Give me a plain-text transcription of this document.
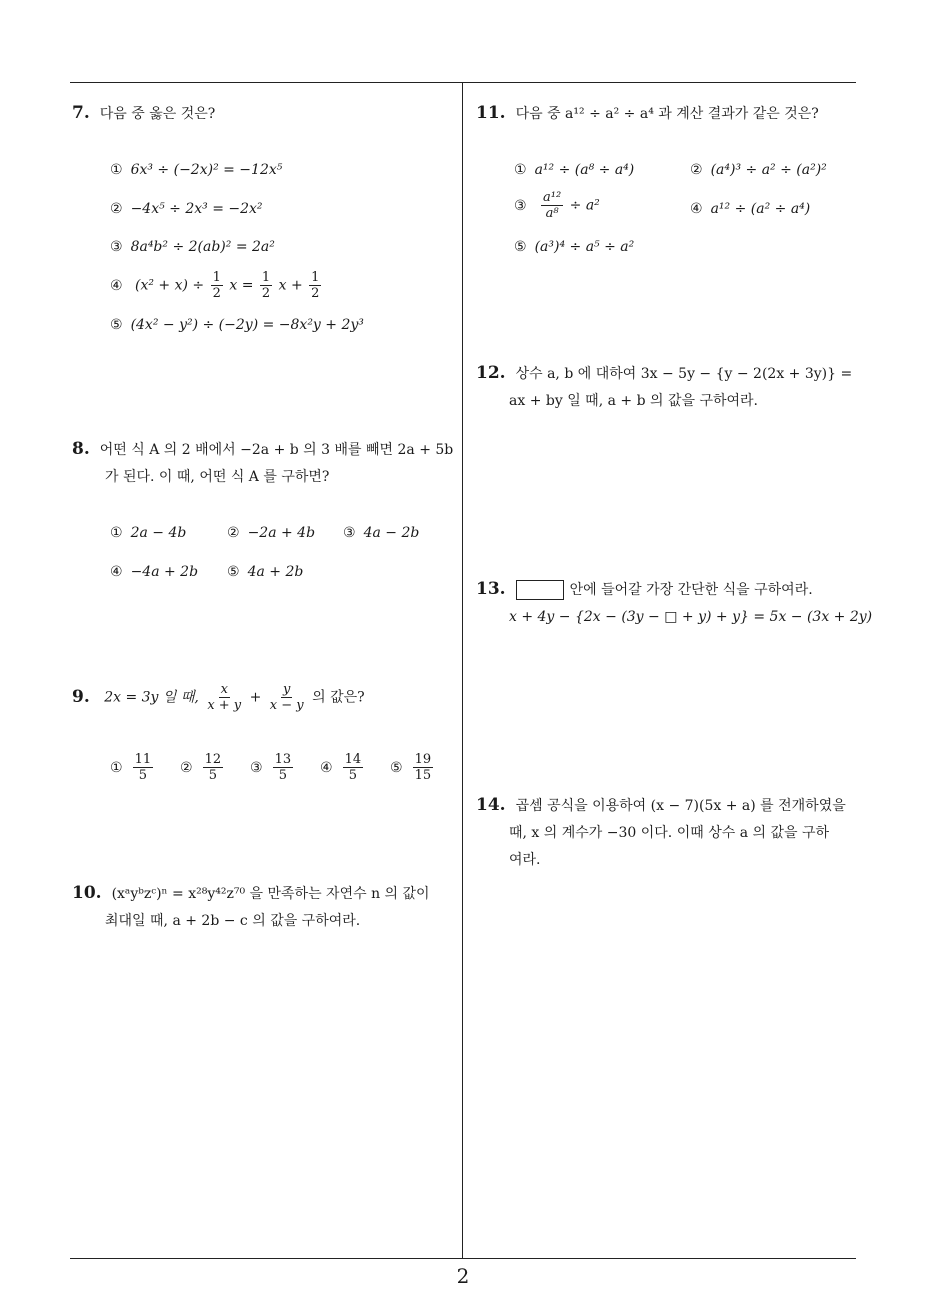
7. 다음 중 옳은 것은?
① 6x³ ÷ (−2x)² = −12x⁵
② −4x⁵ ÷ 2x³ = −2x²
③ 8a⁴b² ÷ 2(ab)² = 2a²
④ $(x^2 + x) \div \frac{1}{2}$ $x = \frac{1}{2}$ $x + \frac{1}{2}$
⑤ (4x² − y²) ÷ (−2y) = −8x²y + 2y³
8. 어떤 식 A 의 2 배에서 −2a + b 의 3 배를 빼면 2a + 5b
가 된다. 이 때, 어떤 식 A 를 구하면?
① 2a − 4b	② −2a + 4b ③ 4a − 2b
④ −4a + 2b ⑤ 4a + 2b
9. 2x = 3y 일 때, $\frac{x}{x + y} + \frac{y}{x - y}$ 의 값은?
① $\frac{11}{5}$ ② $\frac{12}{5}$ ③ $\frac{13}{5}$ ④ $\frac{14}{5}$ ⑤ $\frac{19}{15}$
10. (xᵃyᵇzᶜ)ⁿ = x²⁸y⁴²z⁷⁰ 을 만족하는 자연수 n 의 값이
최대일 때, a + 2b − c 의 값을 구하여라.
11. 다음 중 a¹² ÷ a² ÷ a⁴ 과 계산 결과가 같은 것은?
① a¹² ÷ (a⁸ ÷ a⁴)	② (a⁴)³ ÷ a² ÷ (a²)²
③ $\frac{\text{a¹²}}{\text{a⁸}} \div a^2$	④ a¹² ÷ (a² ÷ a⁴)
⑤ (a³)⁴ ÷ a⁵ ÷ a²
12. 상수 a, b 에 대하여 3x − 5y − {y − 2(2x + 3y)} =
ax + by 일 때, a + b 의 값을 구하여라.
13.	안에 들어갈 가장 간단한 식을 구하여라.
x + 4y − {2x − (3y − □ + y) + y} = 5x − (3x + 2y)
14. 곱셈 공식을 이용하여 (x − 7)(5x + a) 를 전개하였을
때, x 의 계수가 −30 이다. 이때 상수 a 의 값을 구하
여라.
2
